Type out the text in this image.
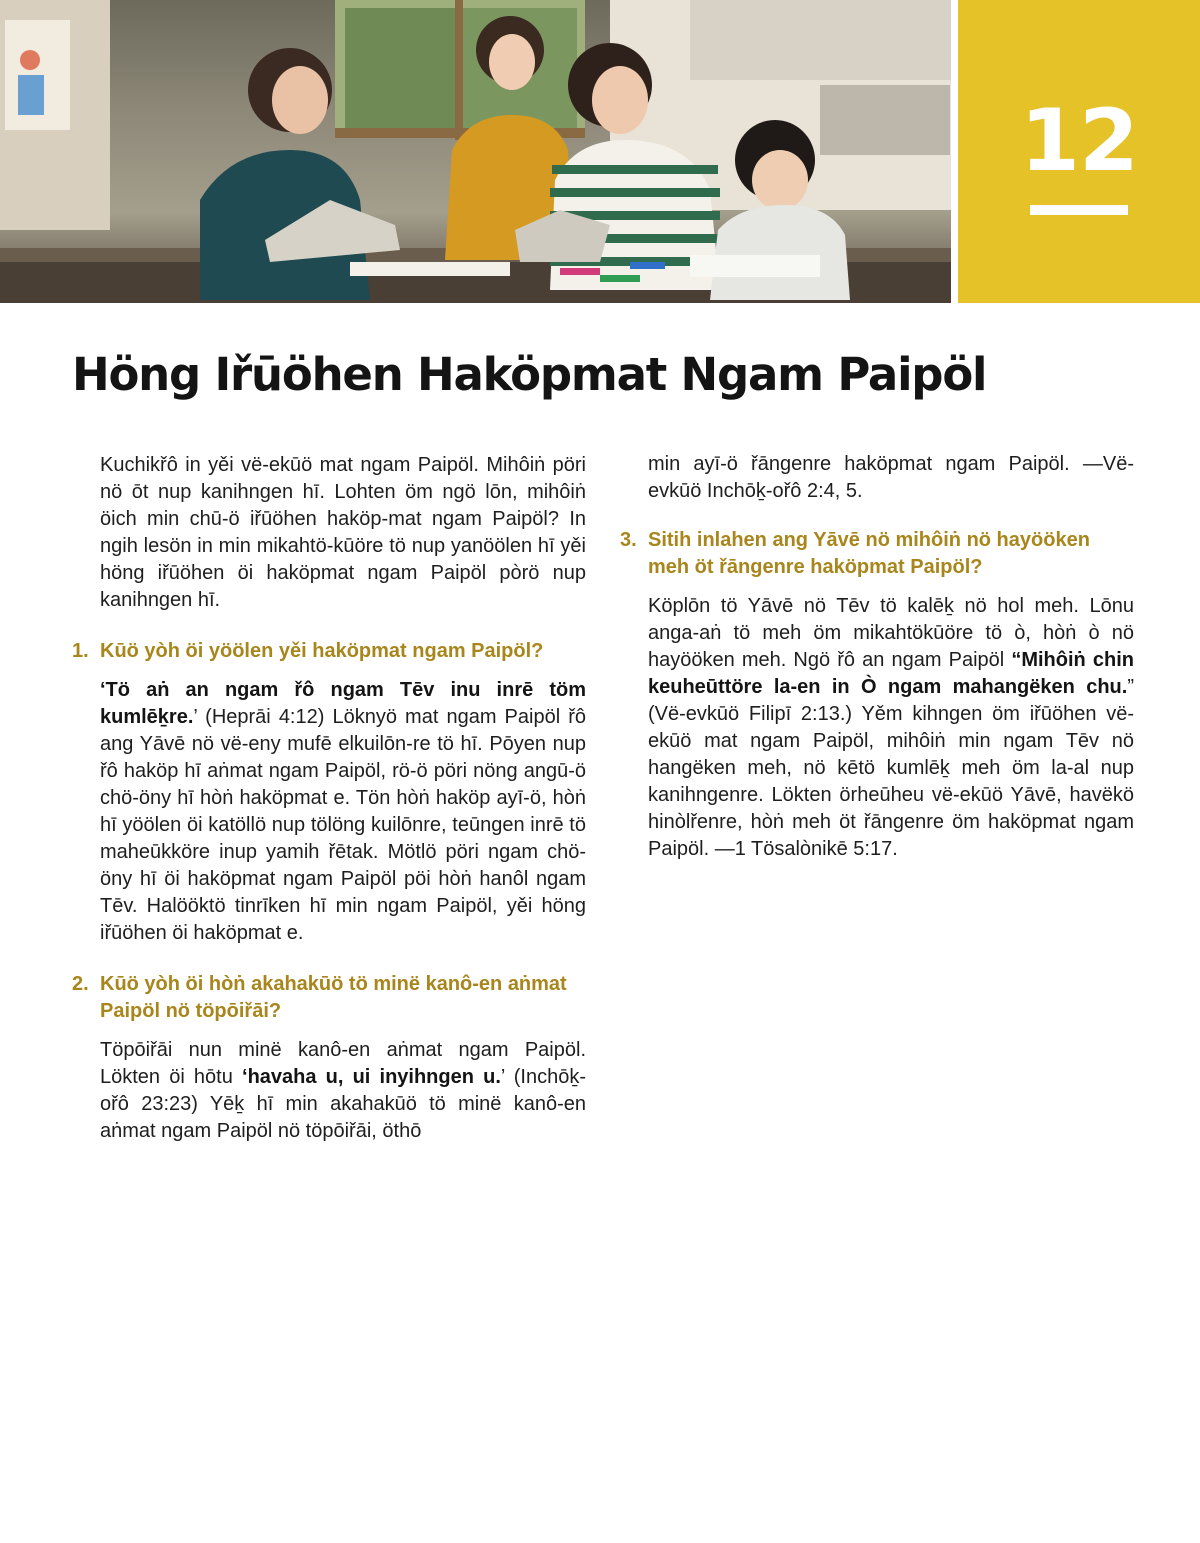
12
Höng Iřūöhen Haköpmat Ngam Paipöl

Kuchikřô in yěi vë-ekūö mat ngam Paipöl. Mihôiṅ pöri nö ōt nup kanihngen hī. Lohten öm ngö lōn, mihôiṅ öich min chū-ö iřūöhen haköp-mat ngam Paipöl? In ngih lesön in min mikahtö-kūöre tö nup yanöölen hī yěi höng iřūöhen öi haköpmat ngam Paipöl pòrö nup kanihngen hī.

1. Kūö yòh öi yöölen yěi haköpmat ngam Paipöl?

‘Tö aṅ an ngam řô ngam Tēv inu inrē töm kumlēḵre.’ (Heprāi 4:12) Löknyö mat ngam Paipöl řô ang Yāvē nö vë-eny mufē elkuilōn-re tö hī. Pōyen nup řô haköp hī aṅmat ngam Paipöl, rö-ö pöri nöng angū-ö chö-öny hī hòṅ haköpmat e. Tön hòṅ haköp ayī-ö, hòṅ hī yöölen öi katöllö nup tölöng kuilōnre, teūngen inrē tö maheūkköre inup yamih řētak. Mötlö pöri ngam chö-öny hī öi haköpmat ngam Paipöl pöi hòṅ hanôl ngam Tēv. Halööktö tinrīken hī min ngam Paipöl, yěi höng iřūöhen öi haköpmat e.

2. Kūö yòh öi hòṅ akahakūö tö minë kanô-en aṅmat Paipöl nö töpōiřāi?

Töpōiřāi nun minë kanô-en aṅmat ngam Paipöl. Lökten öi hōtu ‘havaha u, ui inyihngen u.’ (Inchōḵ-ořô 23:23) Yēḵ hī min akahakūö tö minë kanô-en aṅmat ngam Paipöl nö töpōiřāi, öthō

min ayī-ö řāngenre haköpmat ngam Paipöl. —Vë-evkūö Inchōḵ-ořô 2:4, 5.

3. Sitih inlahen ang Yāvē nö mihôiṅ nö hayööken meh öt řāngenre haköpmat Paipöl?

Köplōn tö Yāvē nö Tēv tö kalēḵ nö hol meh. Lōnu anga-aṅ tö meh öm mikahtökūöre tö ò, hòṅ ò nö hayööken meh. Ngö řô an ngam Paipöl “Mihôiṅ chin keuheūttöre la-en in Ò ngam mahangëken chu.” (Vë-evkūö Filipī 2:13.) Yěm kihngen öm iřūöhen vë-ekūö mat ngam Paipöl, mihôiṅ min ngam Tēv nö hangëken meh, nö kētö kumlēḵ meh öm la-al nup kanihngenre. Lökten örheūheu vë-ekūö Yāvē, havëkö hinòlřenre, hòṅ meh öt řāngenre öm haköpmat ngam Paipöl. —1 Tösalònikē 5:17.
